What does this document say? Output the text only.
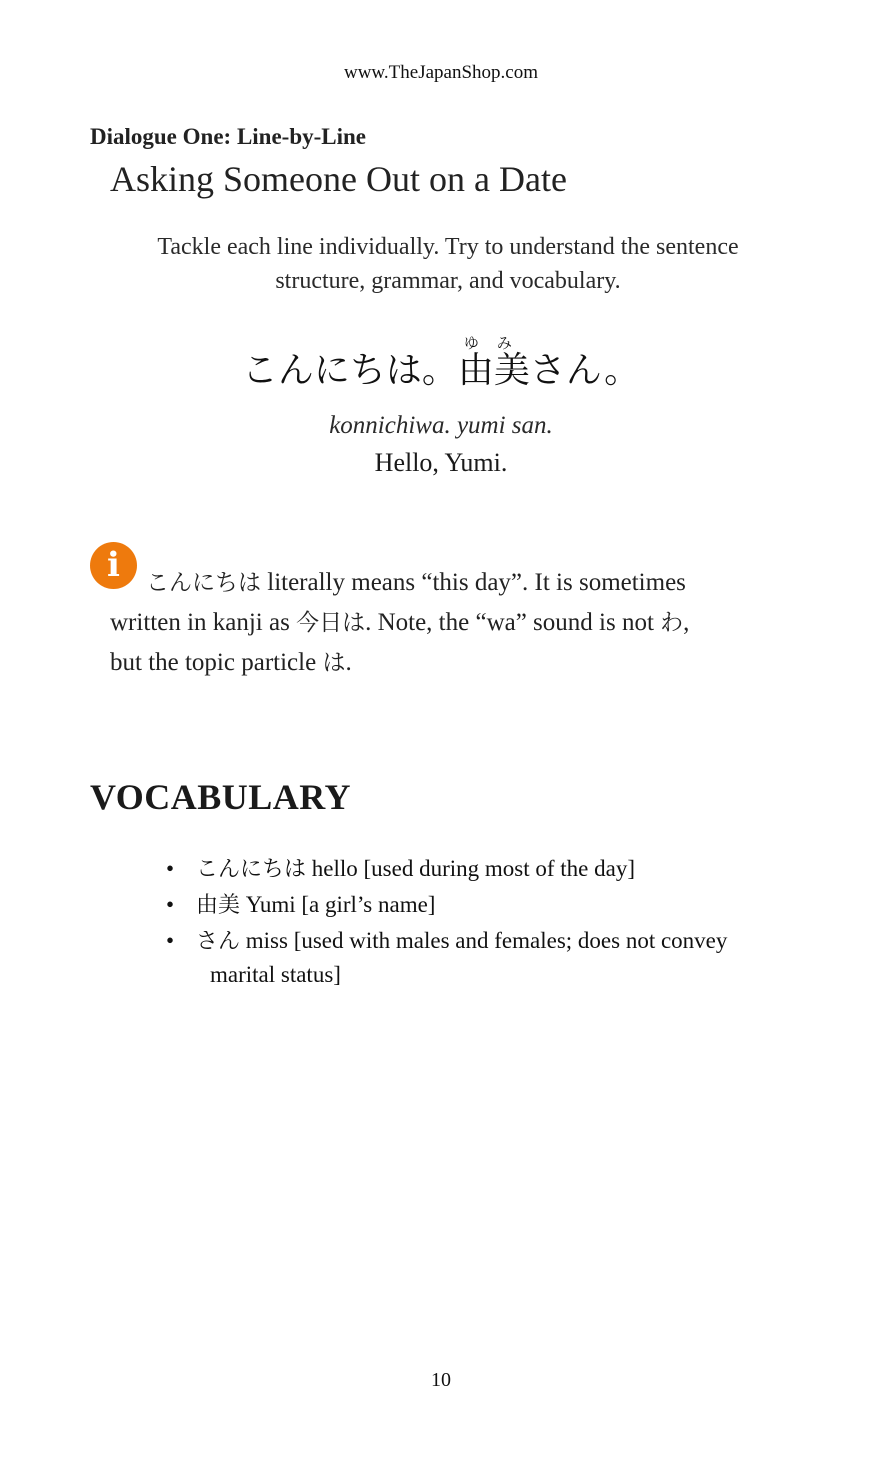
www.TheJapanShop.com
Dialogue One: Line-by-Line
Asking Someone Out on a Date
Tackle each line individually. Try to understand the sentence
structure, grammar, and vocabulary.
こんにちは。由美ゆみさん。
konnichiwa. yumi san.
Hello, Yumi.
i	こんにちは literally means “this day”. It is sometimes
written in kanji as 今日は. Note, the “wa” sound is not わ,
but the topic particle は.
VOCABULARY
• こんにちは hello [used during most of the day]
• 由美 Yumi [a girl’s name]
• さん miss [used with males and females; does not convey
marital status]
10
